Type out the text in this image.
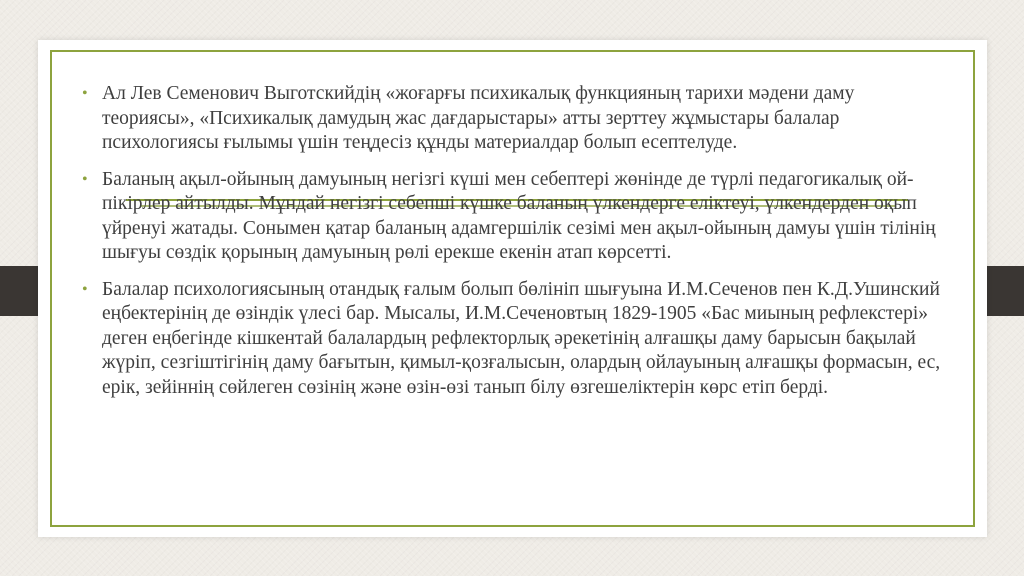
• Ал Лев Семенович Выготскийдің «жоғарғы психикалық функцияның тарихи мәдени даму теориясы», «Психикалық дамудың жас дағдарыстары» атты зерттеу жұмыстары балалар психологиясы ғылымы үшін теңдесіз құнды материалдар болып есептелуде.
• Баланың ақыл-ойының дамуының негізгі күші мен себептері жөнінде де түрлі педагогикалық ой-пікірлер айтылды. Мұндай негізгі себепші күшке баланың үлкендерге еліктеуі, үлкендерден оқып үйренуі жатады. Сонымен қатар баланың адамгершілік сезімі мен ақыл-ойының дамуы үшін тілінің шығуы сөздік қорының дамуының рөлі ерекше екенін атап көрсетті.
• Балалар психологиясының отандық ғалым болып бөлініп шығуына И.М.Сеченов пен К.Д.Ушинский еңбектерінің де өзіндік үлесі бар. Мысалы, И.М.Сеченовтың 1829-1905 «Бас миының рефлекстері» деген еңбегінде кішкентай балалардың рефлекторлық әрекетінің алғашқы даму барысын бақылай жүріп, сезгіштігінің даму бағытын, қимыл-қозғалысын, олардың ойлауының алғашқы формасын, ес, ерік, зейіннің сөйлеген сөзінің және өзін-өзі танып білу өзгешеліктерін көрс етіп берді.
